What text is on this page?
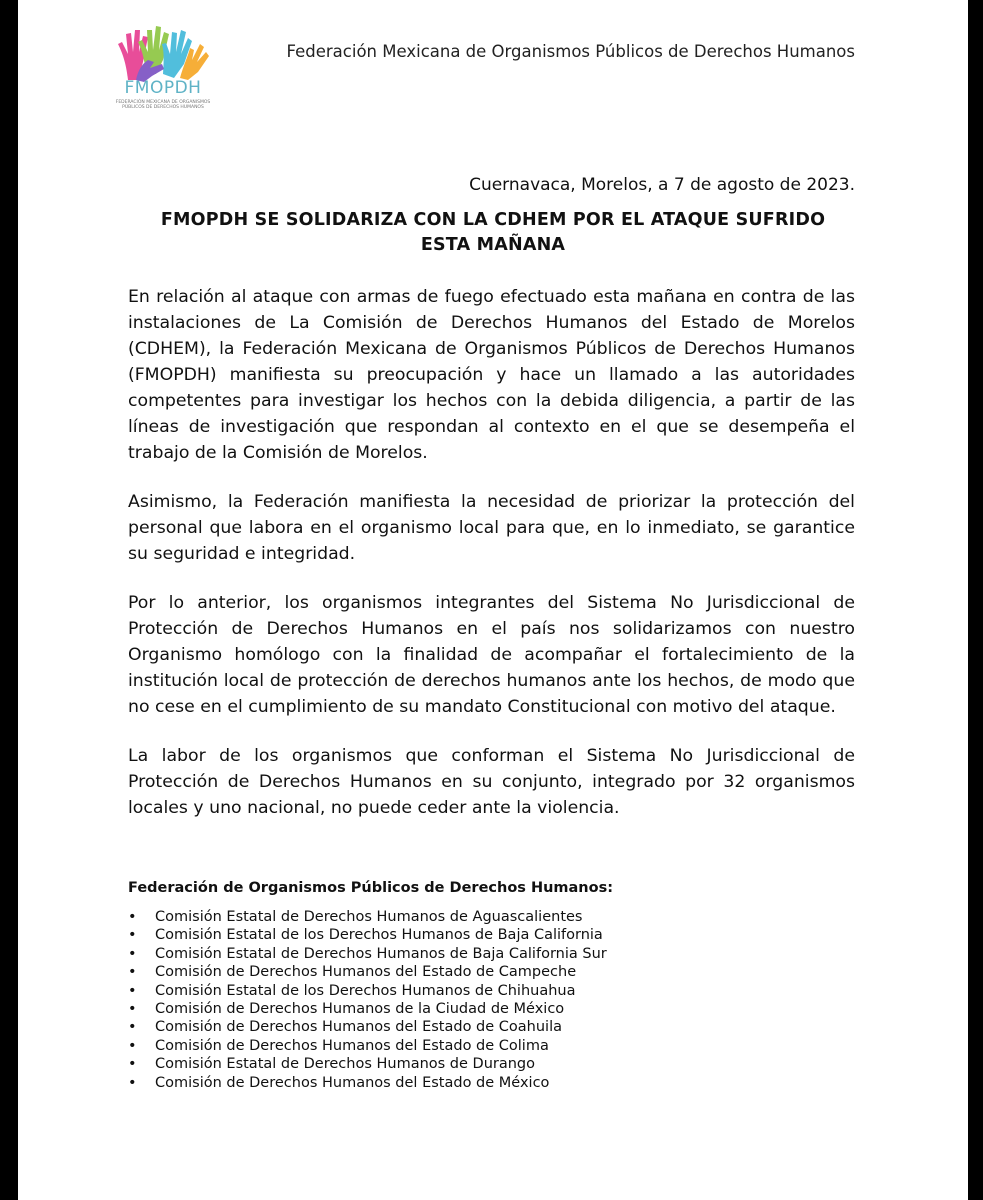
FMOPDH
FEDERACIÓN MEXICANA DE ORGANISMOS PÚBLICOS DE DERECHOS HUMANOS
Federación Mexicana de Organismos Públicos de Derechos Humanos
Cuernavaca, Morelos, a 7 de agosto de 2023.
FMOPDH SE SOLIDARIZA CON LA CDHEM POR EL ATAQUE SUFRIDO
ESTA MAÑANA

En relación al ataque con armas de fuego efectuado esta mañana en contra de las instalaciones de La Comisión de Derechos Humanos del Estado de Morelos (CDHEM), la Federación Mexicana de Organismos Públicos de Derechos Humanos (FMOPDH) manifiesta su preocupación y hace un llamado a las autoridades competentes para investigar los hechos con la debida diligencia, a partir de las líneas de investigación que respondan al contexto en el que se desempeña el trabajo de la Comisión de Morelos.

Asimismo, la Federación manifiesta la necesidad de priorizar la protección del personal que labora en el organismo local para que, en lo inmediato, se garantice su seguridad e integridad.

Por lo anterior, los organismos integrantes del Sistema No Jurisdiccional de Protección de Derechos Humanos en el país nos solidarizamos con nuestro Organismo homólogo con la finalidad de acompañar el fortalecimiento de la institución local de protección de derechos humanos ante los hechos, de modo que no cese en el cumplimiento de su mandato Constitucional con motivo del ataque.

La labor de los organismos que conforman el Sistema No Jurisdiccional de Protección de Derechos Humanos en su conjunto, integrado por 32 organismos locales y uno nacional, no puede ceder ante la violencia.

Federación de Organismos Públicos de Derechos Humanos:
• Comisión Estatal de Derechos Humanos de Aguascalientes
• Comisión Estatal de los Derechos Humanos de Baja California
• Comisión Estatal de Derechos Humanos de Baja California Sur
• Comisión de Derechos Humanos del Estado de Campeche
• Comisión Estatal de los Derechos Humanos de Chihuahua
• Comisión de Derechos Humanos de la Ciudad de México
• Comisión de Derechos Humanos del Estado de Coahuila
• Comisión de Derechos Humanos del Estado de Colima
• Comisión Estatal de Derechos Humanos de Durango
• Comisión de Derechos Humanos del Estado de México
